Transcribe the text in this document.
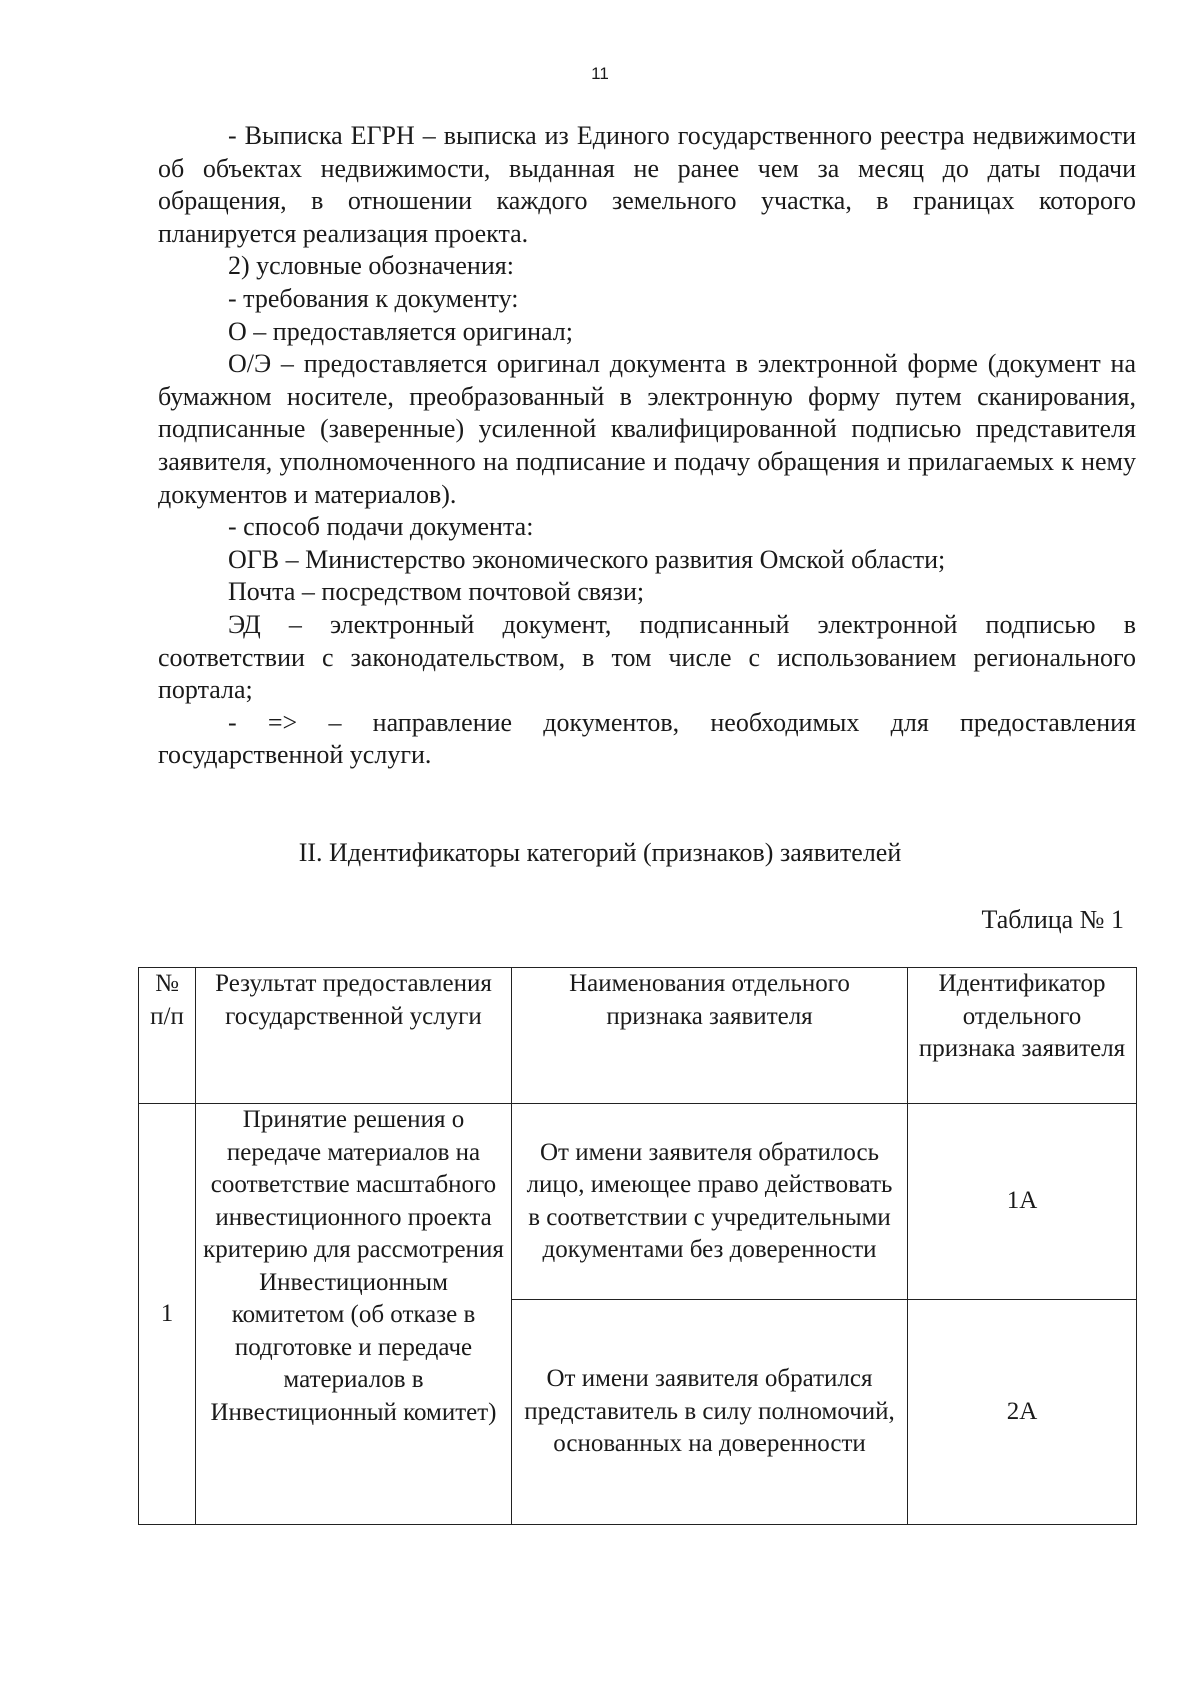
11

- Выписка ЕГРН – выписка из Единого государственного реестра недвижимости об объектах недвижимости, выданная не ранее чем за месяц до даты подачи обращения, в отношении каждого земельного участка, в границах которого планируется реализация проекта.

2) условные обозначения:

- требования к документу:

О – предоставляется оригинал;

О/Э – предоставляется оригинал документа в электронной форме (документ на бумажном носителе, преобразованный в электронную форму путем сканирования, подписанные (заверенные) усиленной квалифицированной подписью представителя заявителя, уполномоченного на подписание и подачу обращения и прилагаемых к нему документов и материалов).

- способ подачи документа:

ОГВ – Министерство экономического развития Омской области;

Почта – посредством почтовой связи;

ЭД – электронный документ, подписанный электронной подписью в соответствии с законодательством, в том числе с использованием регионального портала;

- => – направление документов, необходимых для предоставления государственной услуги.

II. Идентификаторы категорий (признаков) заявителей
Таблица № 1
№ п/п	Результат предоставления государственной услуги	Наименования отдельного признака заявителя	Идентификатор отдельного признака заявителя
1	Принятие решения о передаче материалов на соответствие масштабного инвестиционного проекта критерию для рассмотрения Инвестиционным комитетом (об отказе в подготовке и передаче материалов в Инвестиционный комитет)	От имени заявителя обратилось лицо, имеющее право действовать в соответствии с учредительными документами без доверенности	1А
		От имени заявителя обратился представитель в силу полномочий, основанных на доверенности	2А
